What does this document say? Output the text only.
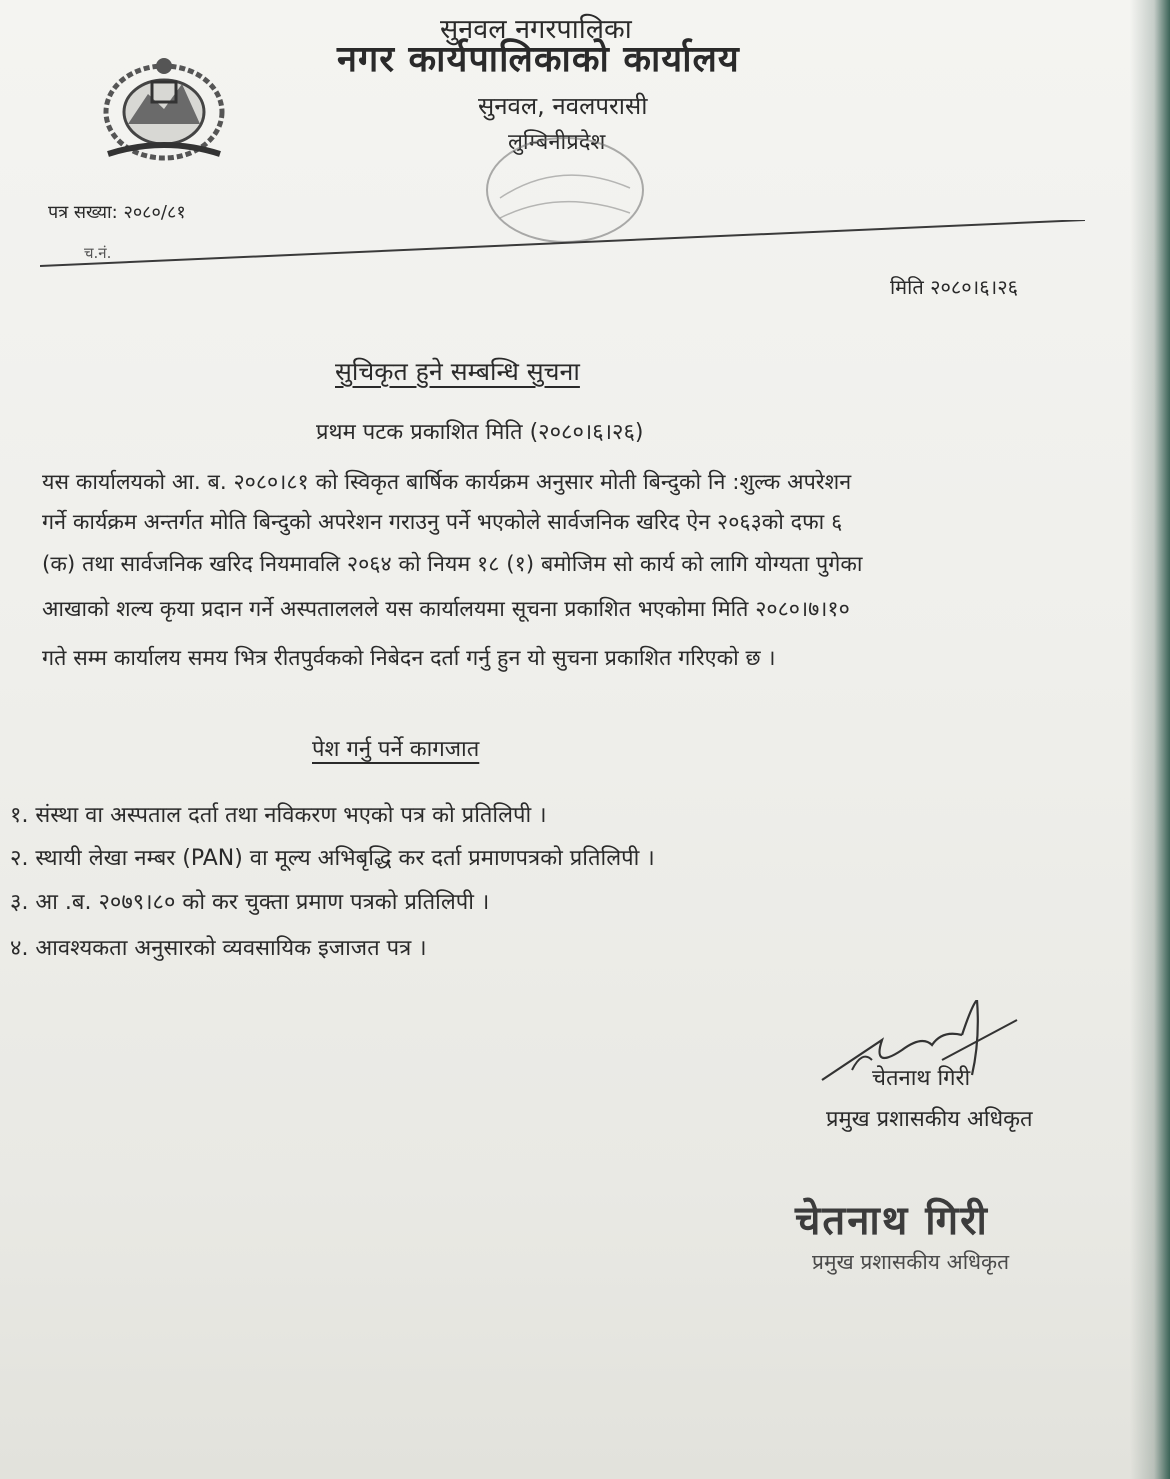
सुनवल नगरपालिका
नगर कार्यपालिकाको कार्यालय
सुनवल, नवलपरासी
लुम्बिनीप्रदेश
पत्र सख्या: २०८०/८१
च.नं.
मिति २०८०।६।२६
सुचिकृत हुने सम्बन्धि सुचना
प्रथम पटक प्रकाशित मिति (२०८०।६।२६)
यस कार्यालयको आ. ब. २०८०।८१ को स्विकृत बार्षिक कार्यक्रम अनुसार मोती बिन्दुको नि :शुल्क अपरेशन
गर्ने कार्यक्रम अन्तर्गत मोति बिन्दुको अपरेशन गराउनु पर्ने भएकोले सार्वजनिक खरिद ऐन २०६३को दफा ६
(क) तथा सार्वजनिक खरिद नियमावलि २०६४ को नियम १८ (१) बमोजिम सो कार्य को लागि योग्यता पुगेका
आखाको शल्य कृया प्रदान गर्ने अस्पताललले यस कार्यालयमा सूचना प्रकाशित भएकोमा मिति २०८०।७।१०
गते सम्म कार्यालय समय भित्र रीतपुर्वकको निबेदन दर्ता गर्नु हुन यो सुचना प्रकाशित गरिएको छ ।
पेश गर्नु पर्ने कागजात
१. संस्था वा अस्पताल दर्ता तथा नविकरण भएको पत्र को प्रतिलिपी ।
२. स्थायी लेखा नम्बर (PAN) वा मूल्य अभिबृद्धि कर दर्ता प्रमाणपत्रको प्रतिलिपी ।
३. आ .ब. २०७९।८० को कर चुक्ता प्रमाण पत्रको प्रतिलिपी ।
४. आवश्यकता अनुसारको व्यवसायिक इजाजत पत्र ।
चेतनाथ गिरी
प्रमुख प्रशासकीय अधिकृत
चेतनाथ गिरी
प्रमुख प्रशासकीय अधिकृत
